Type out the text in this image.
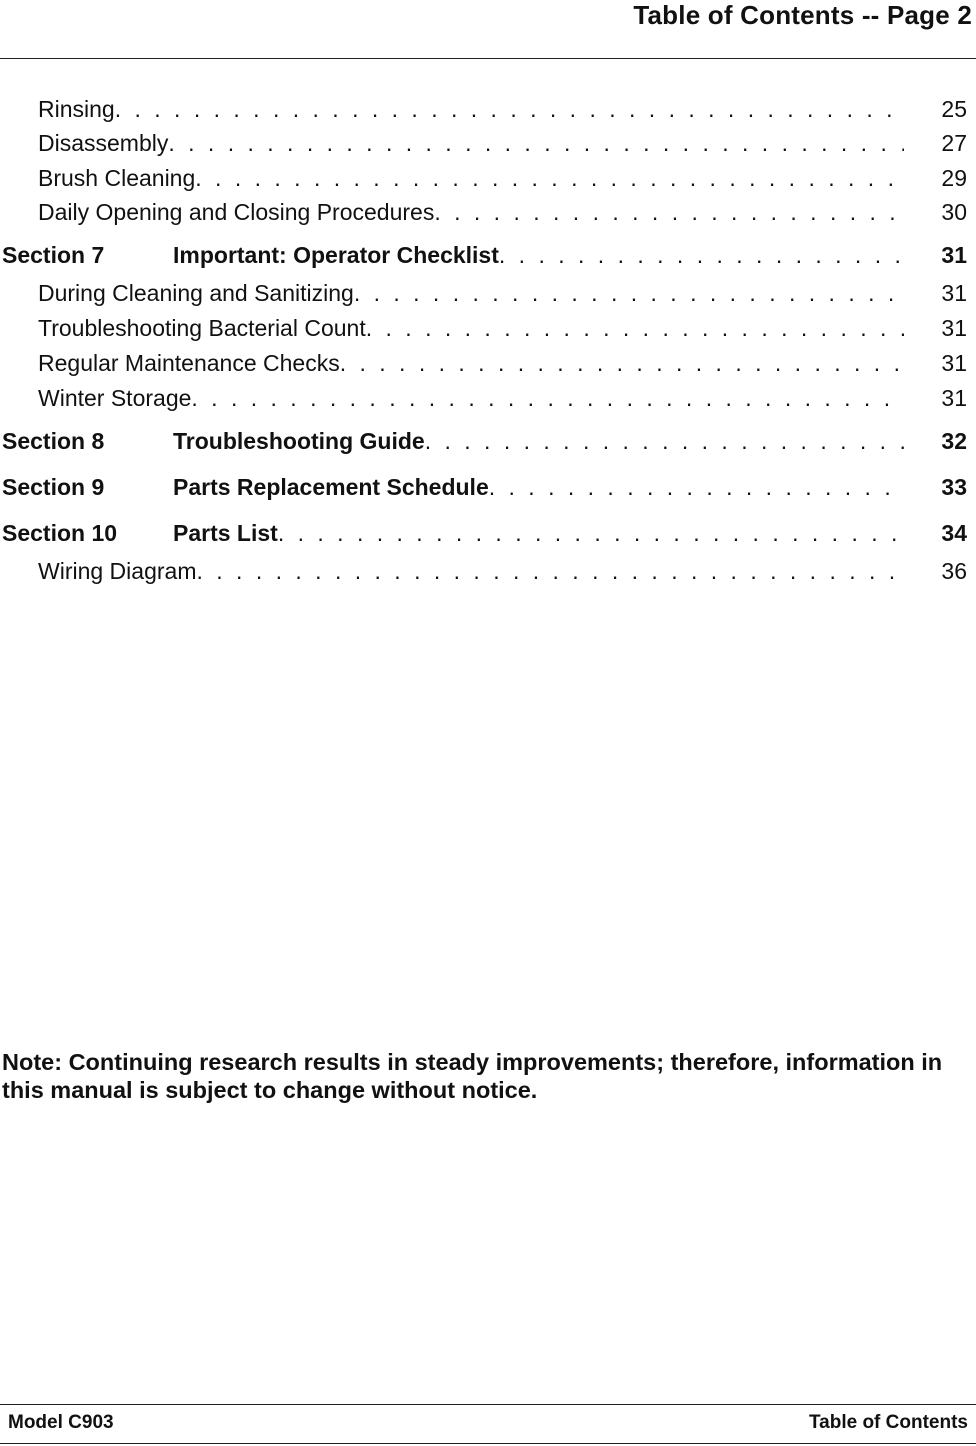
Table of Contents -- Page 2
Rinsing . . .	25
Disassembly . . .	27
Brush Cleaning . . .	29
Daily Opening and Closing Procedures . . .	30
Section 7	Important: Operator Checklist . . .	31
During Cleaning and Sanitizing . . .	31
Troubleshooting Bacterial Count . . .	31
Regular Maintenance Checks . . .	31
Winter Storage . . .	31
Section 8	Troubleshooting Guide . . .	32
Section 9	Parts Replacement Schedule . . .	33
Section 10 Parts List . . .	34
Wiring Diagram . . .	36
Note: Continuing research results in steady improvements; therefore, information in this manual is subject to change without notice.
Model C903	Table of Contents
